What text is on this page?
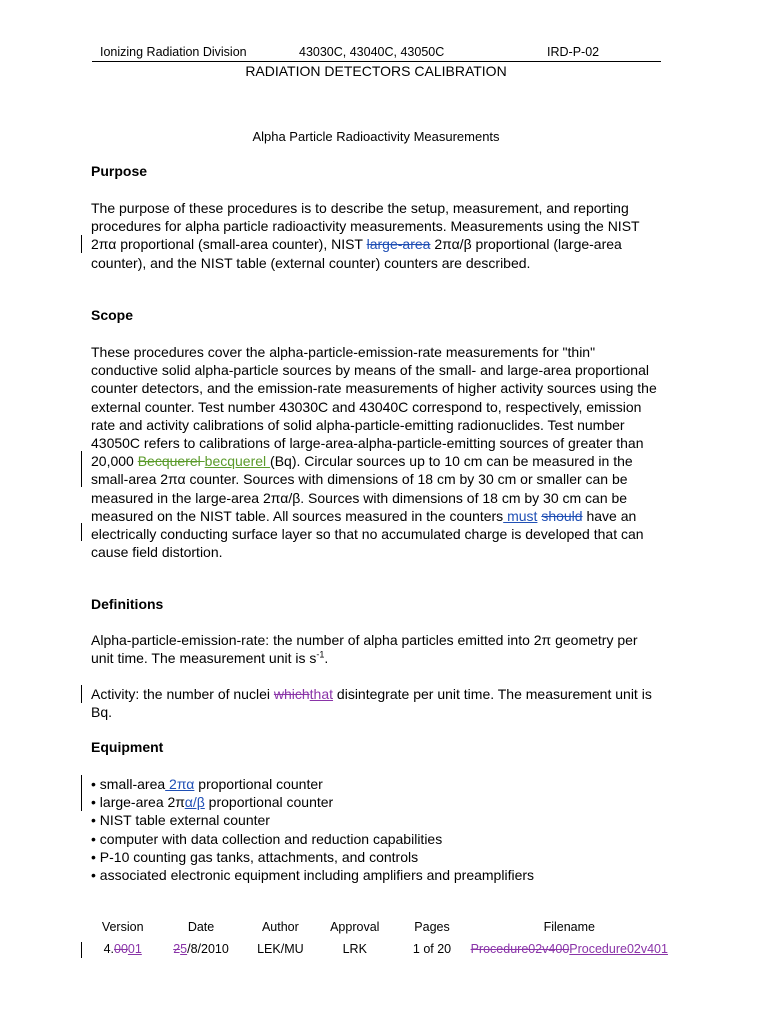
Ionizing Radiation Division	43030C, 43040C, 43050C	IRD-P-02
RADIATION DETECTORS CALIBRATION
Alpha Particle Radioactivity Measurements
Purpose

The purpose of these procedures is to describe the setup, measurement, and reporting procedures for alpha particle radioactivity measurements. Measurements using the NIST 2πα proportional (small-area counter), NIST large-area 2πα/β proportional (large-area counter), and the NIST table (external counter) counters are described.

Scope

These procedures cover the alpha-particle-emission-rate measurements for "thin" conductive solid alpha-particle sources by means of the small- and large-area proportional counter detectors, and the emission-rate measurements of higher activity sources using the external counter. Test number 43030C and 43040C correspond to, respectively, emission rate and activity calibrations of solid alpha-particle-emitting radionuclides. Test number 43050C refers to calibrations of large-area-alpha-particle-emitting sources of greater than 20,000 Becquerel becquerel (Bq). Circular sources up to 10 cm can be measured in the small-area 2πα counter. Sources with dimensions of 18 cm by 30 cm or smaller can be measured in the large-area 2πα/β. Sources with dimensions of 18 cm by 30 cm can be measured on the NIST table. All sources measured in the counters must should have an electrically conducting surface layer so that no accumulated charge is developed that can cause field distortion.

Definitions

Alpha-particle-emission-rate: the number of alpha particles emitted into 2π geometry per unit time. The measurement unit is $s^{-1}$.

Activity: the number of nuclei whichthat disintegrate per unit time. The measurement unit is Bq.

Equipment
• small-area 2πα proportional counter
• large-area 2πα/β proportional counter
• NIST table external counter
• computer with data collection and reduction capabilities
• P-10 counting gas tanks, attachments, and controls
• associated electronic equipment including amplifiers and preamplifiers
Version	Date	Author	Approval	Pages	Filename
4.0001	25/8/2010	LEK/MU	LRK	1 of 20	Procedure02v400Procedure02v401
